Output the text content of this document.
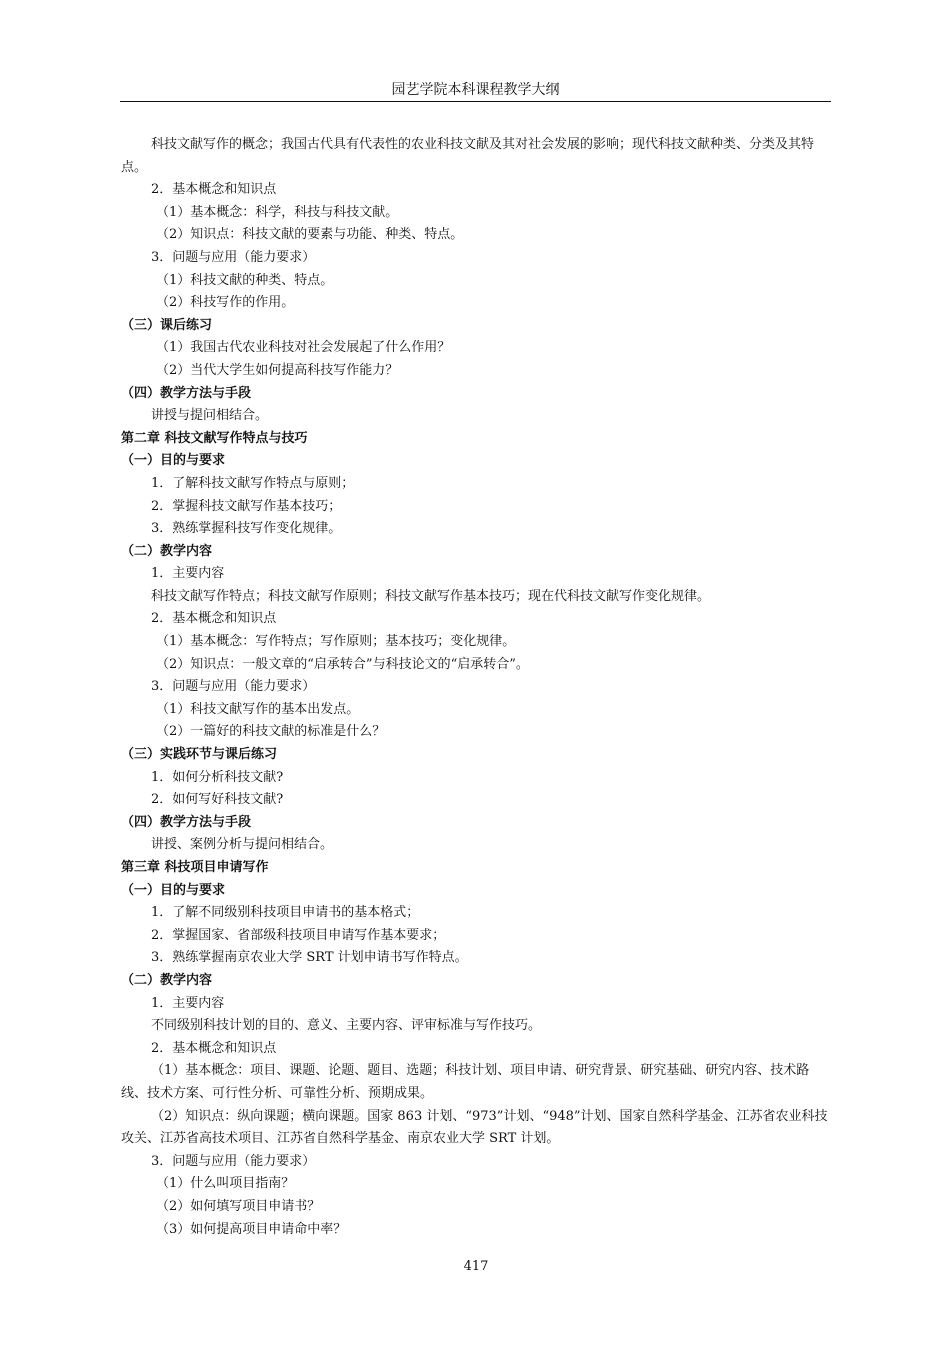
园艺学院本科课程教学大纲
科技文献写作的概念；我国古代具有代表性的农业科技文献及其对社会发展的影响；现代科技文献种类、分类及其特点。
2．基本概念和知识点
（1）基本概念：科学，科技与科技文献。
（2）知识点：科技文献的要素与功能、种类、特点。
3．问题与应用（能力要求）
（1）科技文献的种类、特点。
（2）科技写作的作用。
（三）课后练习
（1）我国古代农业科技对社会发展起了什么作用？
（2）当代大学生如何提高科技写作能力？
（四）教学方法与手段
讲授与提问相结合。
第二章 科技文献写作特点与技巧
（一）目的与要求
1．了解科技文献写作特点与原则；
2．掌握科技文献写作基本技巧；
3．熟练掌握科技写作变化规律。
（二）教学内容
1．主要内容
科技文献写作特点；科技文献写作原则；科技文献写作基本技巧；现在代科技文献写作变化规律。
2．基本概念和知识点
（1）基本概念：写作特点；写作原则；基本技巧；变化规律。
（2）知识点：一般文章的“启承转合”与科技论文的“启承转合”。
3．问题与应用（能力要求）
（1）科技文献写作的基本出发点。
（2）一篇好的科技文献的标准是什么？
（三）实践环节与课后练习
1．如何分析科技文献?
2．如何写好科技文献?
（四）教学方法与手段
讲授、案例分析与提问相结合。
第三章 科技项目申请写作
（一）目的与要求
1．了解不同级别科技项目申请书的基本格式；
2．掌握国家、省部级科技项目申请写作基本要求；
3．熟练掌握南京农业大学 SRT 计划申请书写作特点。
（二）教学内容
1．主要内容
不同级别科技计划的目的、意义、主要内容、评审标准与写作技巧。
2．基本概念和知识点
（1）基本概念：项目、课题、论题、题目、选题；科技计划、项目申请、研究背景、研究基础、研究内容、技术路线、技术方案、可行性分析、可靠性分析、预期成果。
（2）知识点：纵向课题；横向课题。国家 863 计划、“973”计划、“948”计划、国家自然科学基金、江苏省农业科技攻关、江苏省高技术项目、江苏省自然科学基金、南京农业大学 SRT 计划。
3．问题与应用（能力要求）
（1）什么叫项目指南？
（2）如何填写项目申请书？
（3）如何提高项目申请命中率？
417
